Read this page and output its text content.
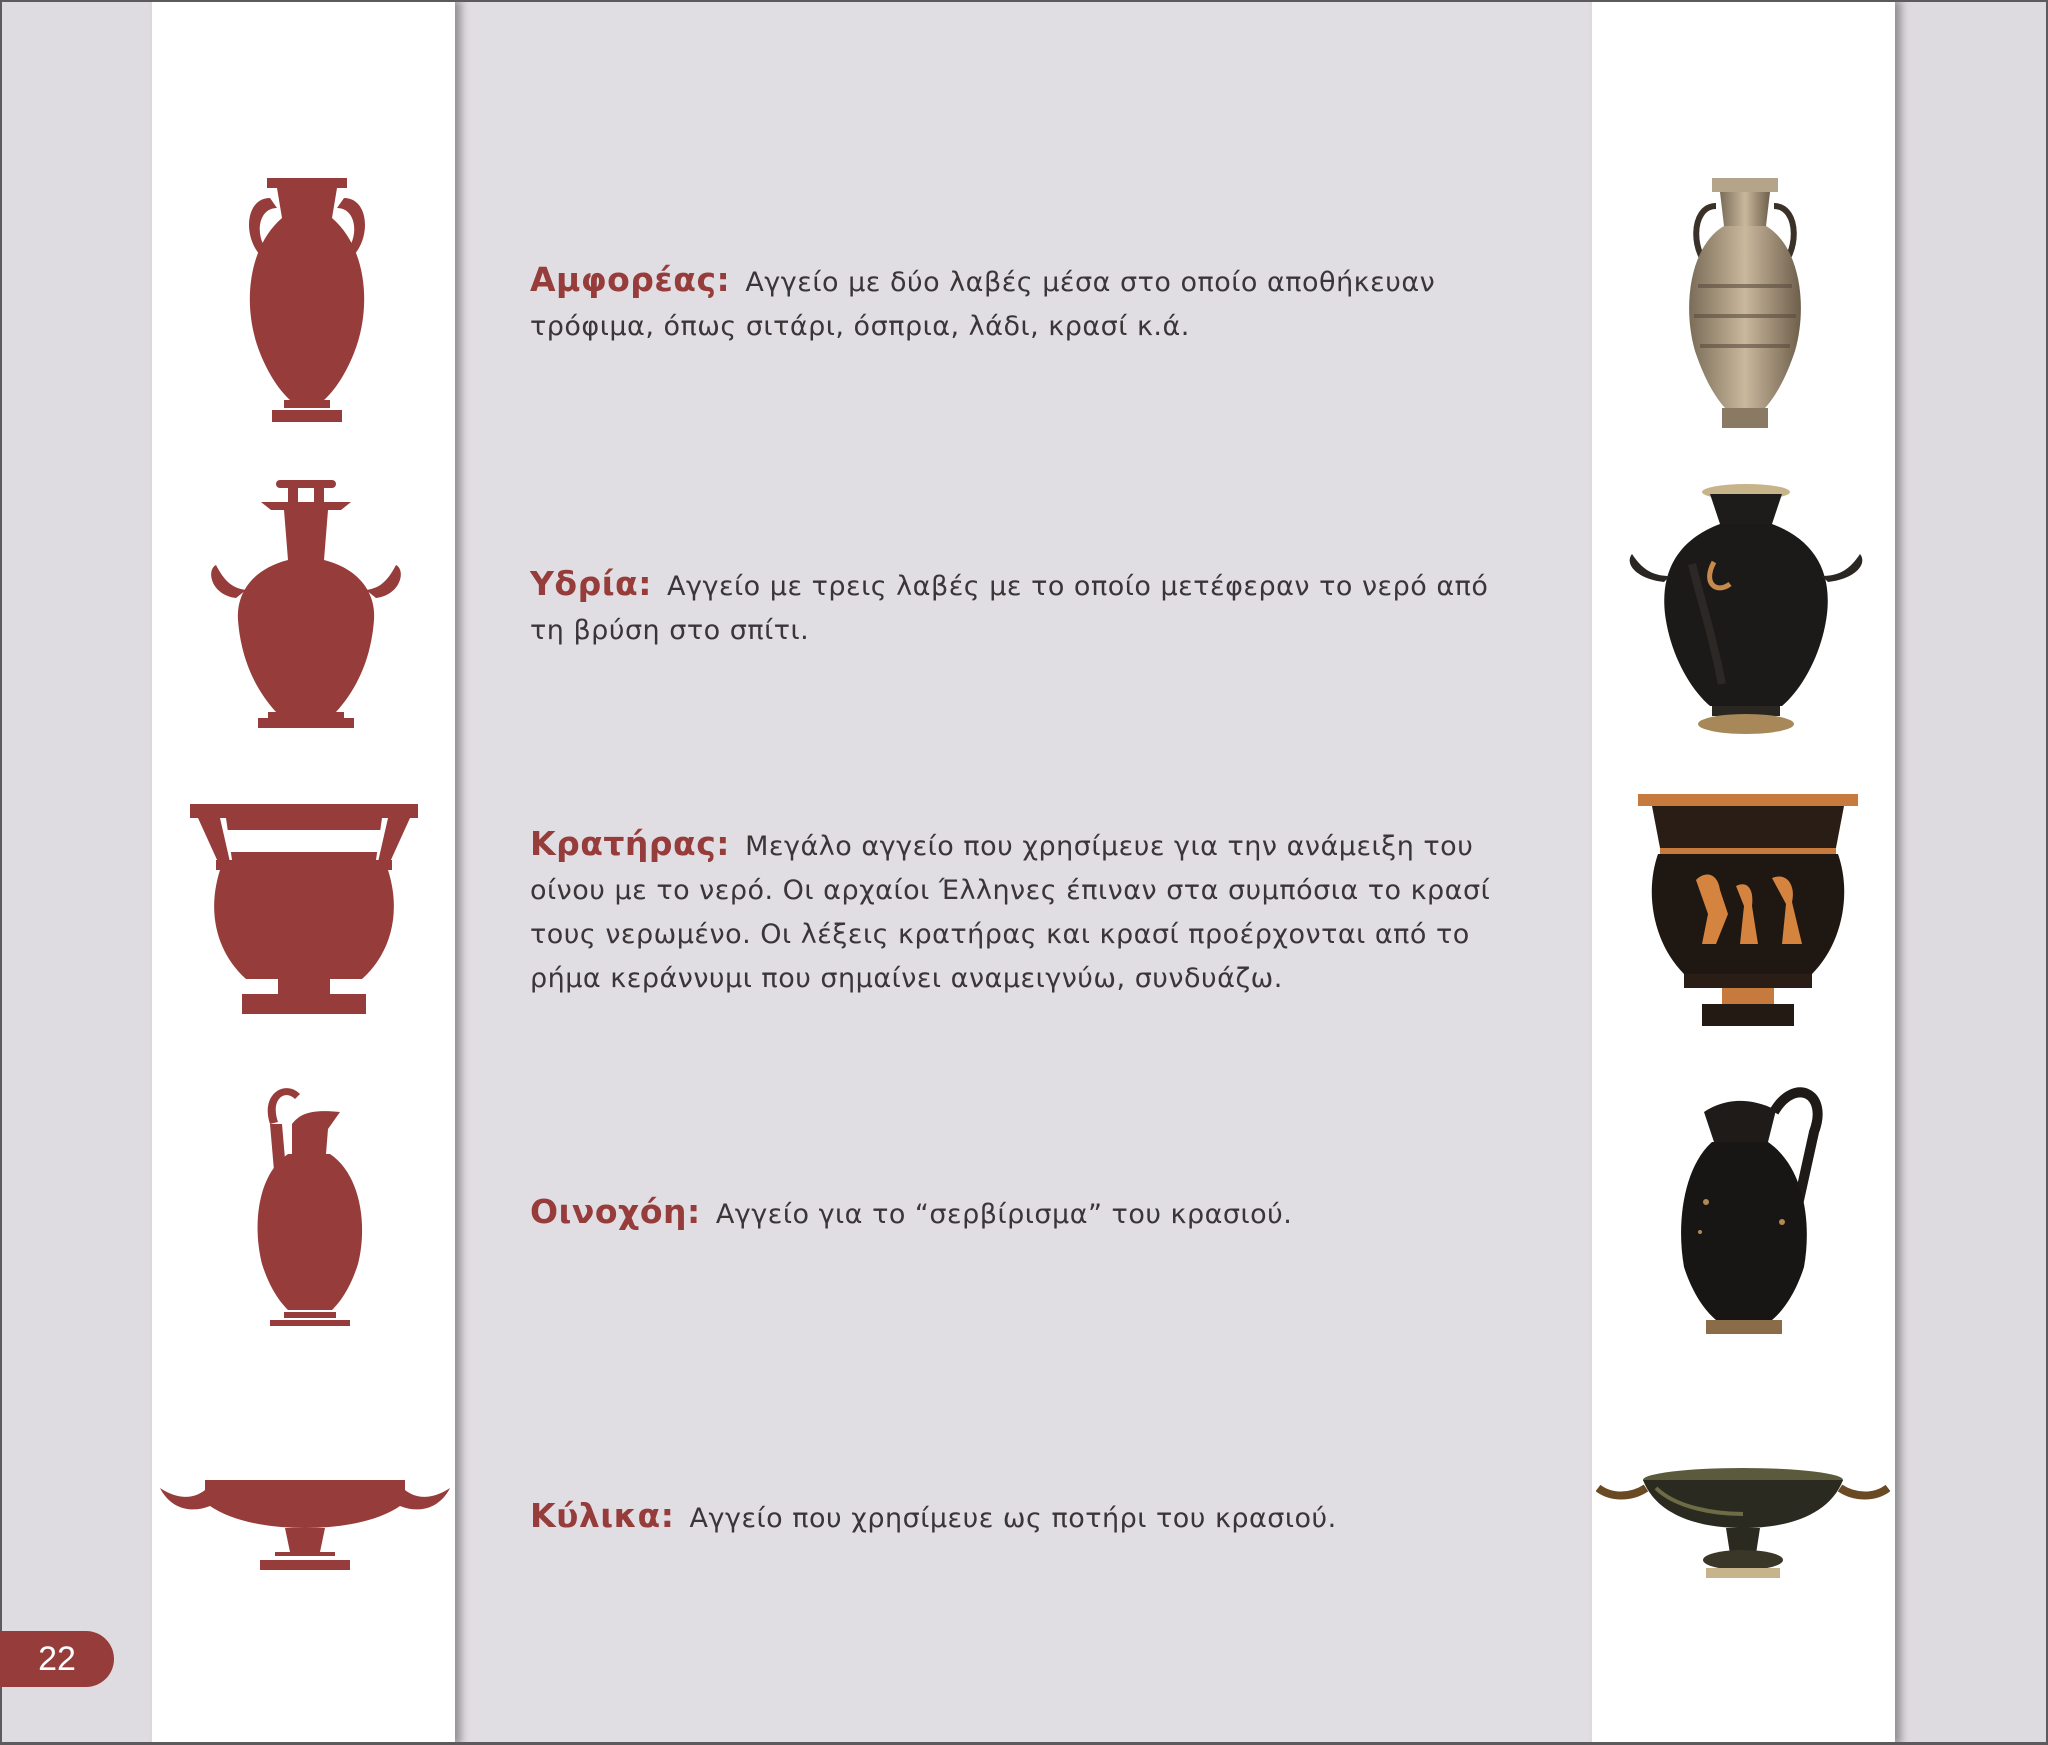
Αμφορέας: Αγγείο με δύο λαβές μέσα στο οποίο αποθήκευαν τρόφιμα, όπως σιτάρι, όσπρια, λάδι, κρασί κ.ά.
Υδρία: Αγγείο με τρεις λαβές με το οποίο μετέφεραν το νερό από τη βρύση στο σπίτι.
Κρατήρας: Μεγάλο αγγείο που χρησίμευε για την ανάμειξη του οίνου με το νερό. Οι αρχαίοι Έλληνες έπιναν στα συμπόσια το κρασί τους νερωμένο. Οι λέξεις κρατήρας και κρασί προέρχονται από το ρήμα κεράννυμι που σημαίνει αναμειγνύω, συνδυάζω.
Οινοχόη: Αγγείο για το “σερβίρισμα” του κρασιού.
Κύλικα: Αγγείο που χρησίμευε ως ποτήρι του κρασιού.
22
